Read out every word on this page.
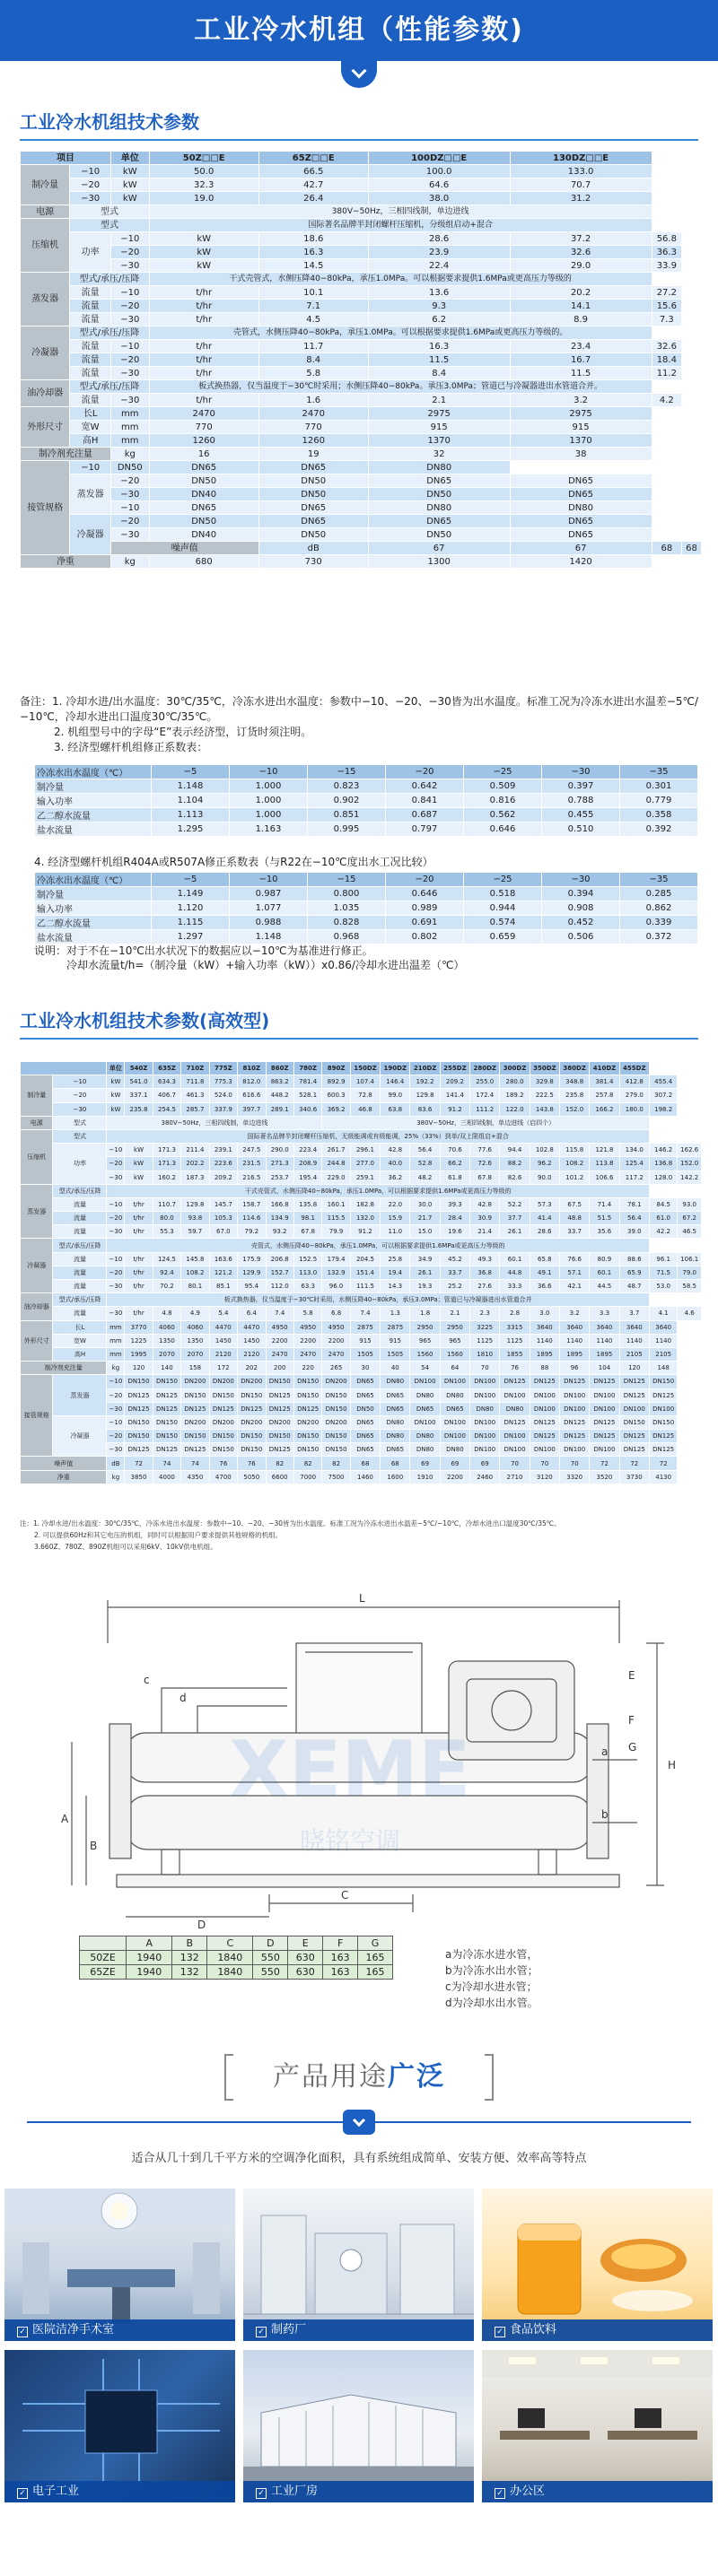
工业冷水机组（性能参数)
工业冷水机组技术参数
项目		单位	50Z□□E	65Z□□E	100DZ□□E	130DZ□□E		
制冷量	−10	kW	50.0	66.5	100.0	133.0		
	−20	kW	32.3	42.7	64.6	70.7		
	−30	kW	19.0	26.4	38.0	31.2		
电源	型式		380V−50Hz，三相四线制，单边进线					
压缩机	型式		国际著名品牌半封闭螺杆压缩机，分级组启动+混合					
	功率	−10	kW	18.6	28.6	37.2	56.8	
		−20	kW	16.3	23.9	32.6	36.3	
		−30	kW	14.5	22.4	29.0	33.9	
蒸发器	型式/承压/压降		干式壳管式，水侧压降40−80kPa，承压1.0MPa。可以根据要求提供1.6MPa或更高压力等级的					
	流量	−10	t/hr	10.1	13.6	20.2	27.2	
	流量	−20	t/hr	7.1	9.3	14.1	15.6	
	流量	−30	t/hr	4.5	6.2	8.9	7.3	
冷凝器	型式/承压/压降		壳管式，水侧压降40−80kPa，承压1.0MPa。可以根据要求提供1.6MPa或更高压力等级的。					
	流量	−10	t/hr	11.7	16.3	23.4	32.6	
	流量	−20	t/hr	8.4	11.5	16.7	18.4	
	流量	−30	t/hr	5.8	8.4	11.5	11.2	
油冷却器	型式/承压/压降		板式换热器，仅当温度于−30℃时采用；水侧压降40−80kPa。承压3.0MPa；管道已与冷凝器进出水管道合并。					
	流量	−30	t/hr	1.6	2.1	3.2	4.2	
外形尺寸	长L	mm	2470	2470	2975	2975		
	宽W	mm	770	770	915	915		
	高H	mm	1260	1260	1370	1370		
制冷剂充注量		kg	16	19	32	38		
接管规格	−10	DN50	DN65	DN65	DN80			
	蒸发器	−20	DN50	DN50	DN65	DN65		
		−30	DN40	DN50	DN50	DN65		
		−10	DN65	DN65	DN80	DN80		
	冷凝器	−20	DN50	DN65	DN65	DN65		
		−30	DN40	DN50	DN50	DN65		
		噪声值		dB	67	67	68	68
净重		kg	680	730	1300	1420		
备注：1. 冷却水进/出水温度：30℃/35℃，冷冻水进出水温度：参数中−10、−20、−30皆为出水温度。标准工况为冷冻水进出水温差−5℃/−10℃，冷却水进出口温度30℃/35℃。
2. 机组型号中的字母“E”表示经济型，订货时须注明。
3. 经济型螺杆机组修正系数表：
冷冻水出水温度（℃）	−5	−10	−15	−20	−25	−30	−35
制冷量	1.148	1.000	0.823	0.642	0.509	0.397	0.301
输入功率	1.104	1.000	0.902	0.841	0.816	0.788	0.779
乙二醇水流量	1.113	1.000	0.851	0.687	0.562	0.455	0.358
盐水流量	1.295	1.163	0.995	0.797	0.646	0.510	0.392
4. 经济型螺杆机组R404A或R507A修正系数表（与R22在−10℃度出水工况比较）
冷冻水出水温度（℃）	−5	−10	−15	−20	−25	−30	−35
制冷量	1.149	0.987	0.800	0.646	0.518	0.394	0.285
输入功率	1.120	1.077	1.035	0.989	0.944	0.908	0.862
乙二醇水流量	1.115	0.988	0.828	0.691	0.574	0.452	0.339
盐水流量	1.297	1.148	0.968	0.802	0.659	0.506	0.372
说明：对于不在−10℃出水状况下的数据应以−10℃为基准进行修正。
冷却水流量t/h=（制冷量（kW）+输入功率（kW））x0.86/冷却水进出温差（℃）
工业冷水机组技术参数(高效型)
		单位	540Z	635Z	710Z	775Z	810Z	860Z	780Z	890Z	150DZ	190DZ	210DZ	255DZ	280DZ	300DZ	350DZ	380DZ	410DZ	455DZ		
制冷量	−10	kW	541.0	634.3	711.8	775.3	812.0	863.2	781.4	892.9	107.4	146.4	192.2	209.2	255.0	280.0	329.8	348.8	381.4	412.8	455.4	
	−20	kW	337.1	406.7	461.3	524.0	616.6	448.2	528.1	600.3	72.8	99.0	129.8	141.4	172.4	189.2	222.5	235.8	257.8	279.0	307.2	
	−30	kW	235.8	254.5	285.7	337.9	397.7	289.1	340.6	369.2	46.8	63.8	83.6	91.2	111.2	122.0	143.8	152.0	166.2	180.0	198.2	
电源	型式	380V−50Hz，三相四线制，单边进线								380V−50Hz，三相四线制，单边进线（启四个）												
压缩机	型式	国际著名品牌半封闭螺杆压缩机，无级能调或有级能调，25%（33%）到单/双上限组启+混合																				
	功率	−10	kW	171.3	211.4	239.1	247.5	290.0	223.4	261.7	296.1	42.8	56.4	70.6	77.6	94.4	102.8	115.8	121.8	134.0	146.2	162.6
		−20	kW	171.3	202.2	223.6	231.5	271.3	208.9	244.8	277.0	40.0	52.8	66.2	72.6	88.2	96.2	108.2	113.8	125.4	136.8	152.0
		−30	kW	160.2	187.3	209.2	216.5	253.7	195.4	229.0	259.1	36.2	48.2	61.8	67.8	82.6	90.0	101.2	106.6	117.2	128.0	142.2
蒸发器	型式/承压/压降	干式壳管式，水侧压降40−80kPa，承压1.0MPa，可以根据要求提供1.6MPa或更高压力等级的																				
	流量	−10	t/hr	110.7	129.8	145.7	158.7	166.8	135.8	160.1	182.8	22.0	30.0	39.3	42.8	52.2	57.3	67.5	71.4	78.1	84.5	93.0
	流量	−20	t/hr	80.0	93.8	105.3	114.6	134.9	98.1	115.5	132.0	15.9	21.7	28.4	30.9	37.7	41.4	48.8	51.5	56.4	61.0	67.2
	流量	−30	t/hr	55.3	59.7	67.0	79.2	93.2	67.8	79.9	91.2	11.0	15.0	19.6	21.4	26.1	28.6	33.7	35.6	39.0	42.2	46.5
冷凝器	型式/承压/压降	壳管式，水侧压降40−80kPa，承压1.0MPa，可以根据要求提供1.6MPa或更高压力等级的																				
	流量	−10	t/hr	124.5	145.8	163.6	175.9	206.8	152.5	179.4	204.5	25.8	34.9	45.2	49.3	60.1	65.8	76.6	80.9	88.6	96.1	106.1
	流量	−20	t/hr	92.4	108.2	121.2	129.9	152.7	113.0	132.9	151.4	19.4	26.1	33.7	36.8	44.8	49.1	57.1	60.1	65.9	71.5	79.0
	流量	−30	t/hr	70.2	80.1	85.1	95.4	112.0	63.3	96.0	111.5	14.3	19.3	25.2	27.6	33.3	36.6	42.1	44.5	48.7	53.0	58.5
油冷却器	型式/承压/压降	板式换热器，仅当温度于−30℃时采用，水侧压降40−80kPa，承压3.0MPa；管道已与冷凝器进出水管道合并																				
	流量	−30	t/hr	4.8	4.9	5.4	6.4	7.4	5.8	6.8	7.4	1.3	1.8	2.1	2.3	2.8	3.0	3.2	3.3	3.7	4.1	4.6
外形尺寸	长L	mm	3770	4060	4060	4470	4470	4950	4950	4950	2875	2875	2950	2950	3225	3315	3640	3640	3640	3640	3640	
	宽W	mm	1225	1350	1350	1450	1450	2200	2200	2200	915	915	965	965	1125	1125	1140	1140	1140	1140	1140	
	高H	mm	1995	2070	2070	2120	2120	2470	2470	2470	1505	1505	1560	1560	1810	1855	1895	1895	1895	2105	2105	
制冷剂充注量		kg	120	140	158	172	202	200	220	265	30	40	54	64	70	76	88	96	104	120	148	
接管规格	蒸发器	−10	DN150	DN150	DN200	DN200	DN200	DN150	DN150	DN200	DN65	DN80	DN100	DN100	DN100	DN125	DN125	DN125	DN125	DN125	DN150	
		−20	DN125	DN125	DN150	DN150	DN150	DN125	DN150	DN150	DN65	DN65	DN80	DN80	DN100	DN100	DN100	DN100	DN100	DN125	DN125	
		−30	DN125	DN125	DN125	DN125	DN125	DN125	DN125	DN150	DN50	DN65	DN65	DN65	DN80	DN80	DN100	DN100	DN100	DN100	DN100	
	冷凝器	−10	DN150	DN150	DN200	DN200	DN200	DN200	DN200	DN200	DN65	DN80	DN100	DN100	DN100	DN125	DN125	DN125	DN125	DN150	DN150	
		−20	DN150	DN150	DN150	DN150	DN150	DN150	DN150	DN150	DN65	DN80	DN80	DN100	DN100	DN100	DN125	DN125	DN125	DN125	DN125	
		−30	DN125	DN125	DN125	DN150	DN150	DN125	DN150	DN150	DN65	DN65	DN80	DN80	DN100	DN100	DN100	DN100	DN100	DN125	DN125	
噪声值		dB	72	74	74	76	76	82	82	82	68	68	69	69	69	70	70	70	72	72	72	
净重		kg	3850	4000	4350	4700	5050	6600	7000	7500	1460	1600	1910	2200	2460	2710	3120	3320	3520	3730	4130	
注：1. 冷却水进/出水温度：30℃/35℃，冷冻水进出水温度：参数中−10、−20、−30皆为出水温度。标准工况为冷冻水进出水温差−5℃/−10℃，冷却水进出口温度30℃/35℃。
2. 可以提供60Hz和其它电压的机组，同时可以根据用户要求提供其他规格的机组。
3.660Z、780Z、890Z机组可以采用6kV、10kV供电机组。
XEME
晓铭空调
L
H
A
B
C
D
E
F
G
a
b
c
d
	A	B	C	D	E	F	G
50ZE	1940	132	1840	550	630	163	165
65ZE	1940	132	1840	550	630	163	165
a为冷冻水进水管，
b为冷冻水出水管；
c为冷却水进水管；
d为冷却水出水管。
产品用途广泛
适合从几十到几千平方米的空调净化面积，具有系统组成简单、安装方便、效率高等特点
✓ 医院洁净手术室	✓ 制药厂	✓ 食品饮料
✓ 电子工业	✓ 工业厂房	✓ 办公区
